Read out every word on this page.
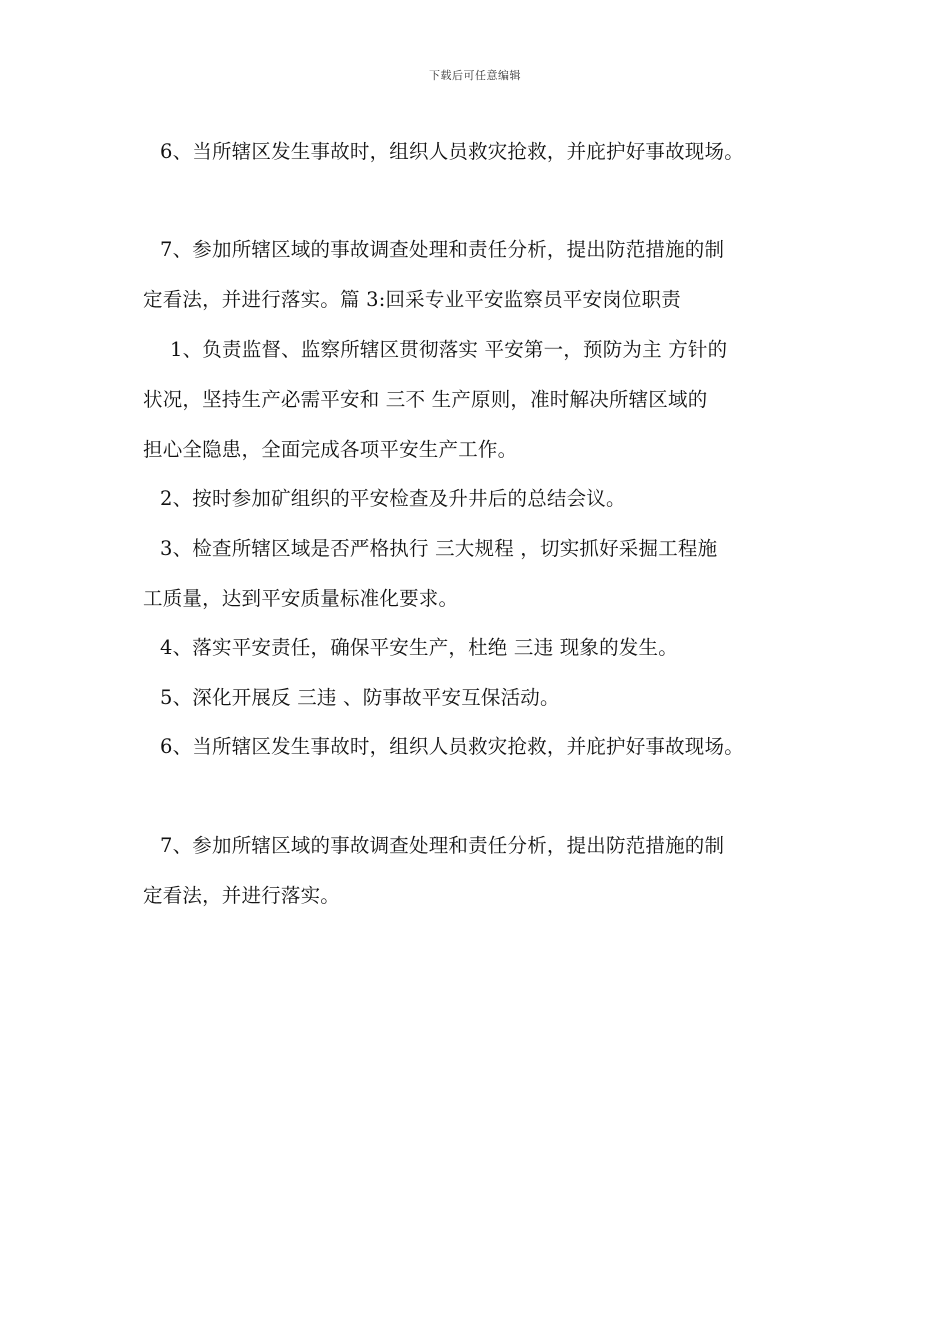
下载后可任意编辑
6、当所辖区发生事故时，组织人员救灾抢救，并庇护好事故现场。
7、参加所辖区域的事故调查处理和责任分析，提出防范措施的制
定看法，并进行落实。篇 3:回采专业平安监察员平安岗位职责
1、负责监督、监察所辖区贯彻落实 平安第一，预防为主 方针的
状况，坚持生产必需平安和 三不 生产原则，准时解决所辖区域的
担心全隐患，全面完成各项平安生产工作。
2、按时参加矿组织的平安检查及升井后的总结会议。
3、检查所辖区域是否严格执行 三大规程 ，切实抓好采掘工程施
工质量，达到平安质量标准化要求。
4、落实平安责任，确保平安生产，杜绝 三违 现象的发生。
5、深化开展反 三违 、防事故平安互保活动。
6、当所辖区发生事故时，组织人员救灾抢救，并庇护好事故现场。
7、参加所辖区域的事故调查处理和责任分析，提出防范措施的制
定看法，并进行落实。
